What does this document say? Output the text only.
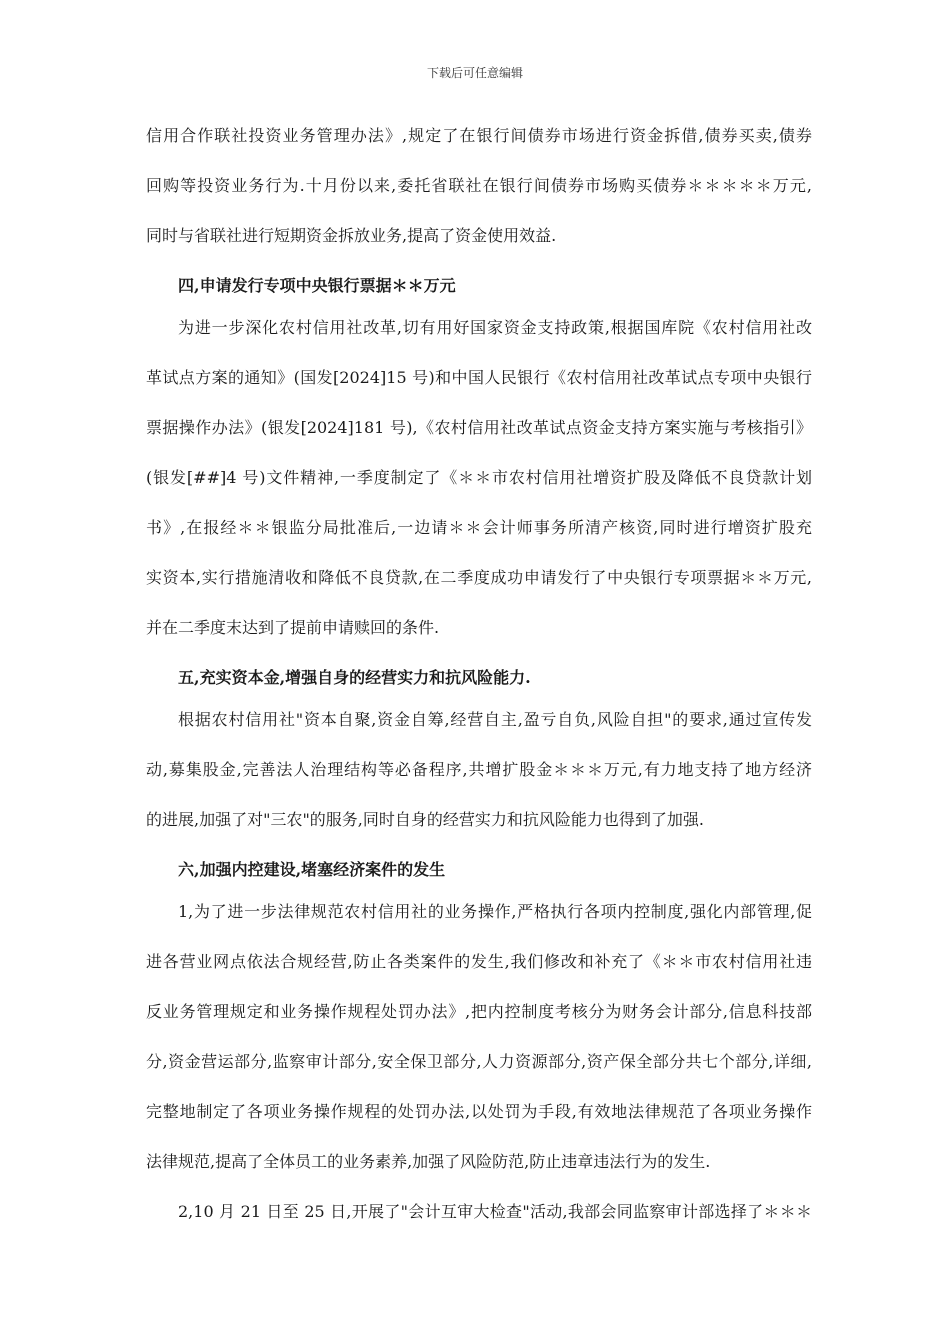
下载后可任意编辑
信用合作联社投资业务管理办法》,规定了在银行间债券市场进行资金拆借,债券买卖,债券
回购等投资业务行为.十月份以来,委托省联社在银行间债券市场购买债券＊＊＊＊＊万元,
同时与省联社进行短期资金拆放业务,提高了资金使用效益.
四,申请发行专项中央银行票据＊＊万元
为进一步深化农村信用社改革,切有用好国家资金支持政策,根据国库院《农村信用社改
革试点方案的通知》(国发[2024]15 号)和中国人民银行《农村信用社改革试点专项中央银行
票据操作办法》(银发[2024]181 号),《农村信用社改革试点资金支持方案实施与考核指引》
(银发[##]4 号)文件精神,一季度制定了《＊＊市农村信用社增资扩股及降低不良贷款计划
书》,在报经＊＊银监分局批准后,一边请＊＊会计师事务所清产核资,同时进行增资扩股充
实资本,实行措施清收和降低不良贷款,在二季度成功申请发行了中央银行专项票据＊＊万元,
并在二季度末达到了提前申请赎回的条件.
五,充实资本金,增强自身的经营实力和抗风险能力.
根据农村信用社"资本自聚,资金自筹,经营自主,盈亏自负,风险自担"的要求,通过宣传发
动,募集股金,完善法人治理结构等必备程序,共增扩股金＊＊＊万元,有力地支持了地方经济
的进展,加强了对"三农"的服务,同时自身的经营实力和抗风险能力也得到了加强.
六,加强内控建设,堵塞经济案件的发生
1,为了进一步法律规范农村信用社的业务操作,严格执行各项内控制度,强化内部管理,促
进各营业网点依法合规经营,防止各类案件的发生,我们修改和补充了《＊＊市农村信用社违
反业务管理规定和业务操作规程处罚办法》,把内控制度考核分为财务会计部分,信息科技部
分,资金营运部分,监察审计部分,安全保卫部分,人力资源部分,资产保全部分共七个部分,详细,
完整地制定了各项业务操作规程的处罚办法,以处罚为手段,有效地法律规范了各项业务操作
法律规范,提高了全体员工的业务素养,加强了风险防范,防止违章违法行为的发生.
2,10 月 21 日至 25 日,开展了"会计互审大检查"活动,我部会同监察审计部选择了＊＊＊
